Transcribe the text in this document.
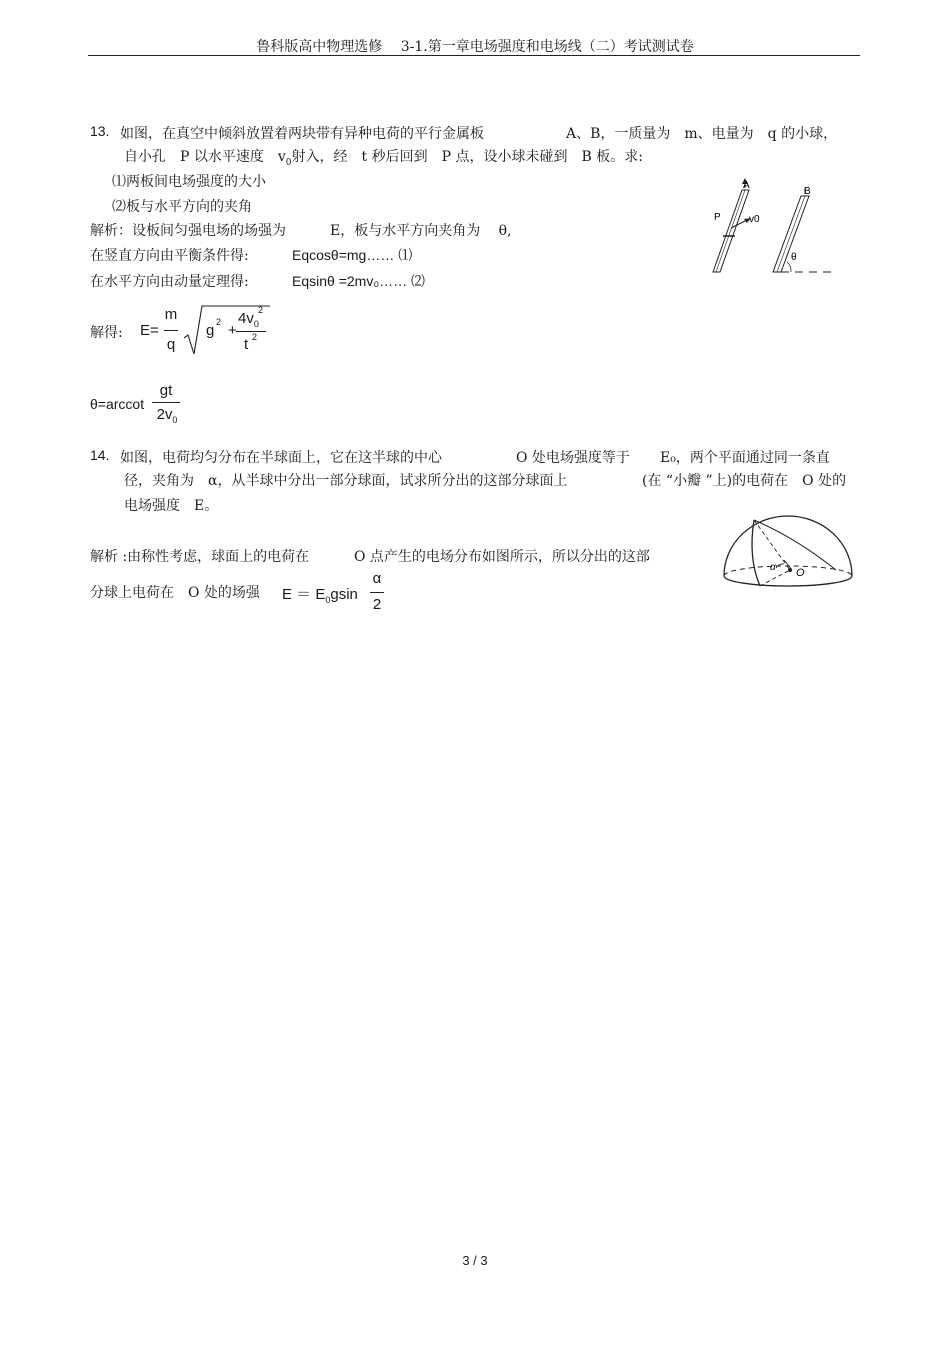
鲁科版高中物理选修　 3-1.第一章电场强度和电场线（二）考试测试卷
13. 如图，在真空中倾斜放置着两块带有异种电荷的平行金属板	A、B，一质量为　m、电量为　q 的小球，
自小孔　P 以水平速度　$v_0$射入，经　t 秒后回到　P 点，设小球未碰到　B 板。求:
⑴两板间电场强度的大小
⑵板与水平方向的夹角
解析：设板间匀强电场的场强为	E，板与水平方向夹角为　 θ,
在竖直方向由平衡条件得:	Eqcosθ=mg…… ⑴
在水平方向由动量定理得:	Eqsinθ =2mv₀…… ⑵
解得: E=
m
q
g 2 +
$4v_0$
2
t 2
θ=arccot
gt
$2v_0$
A
B
P	v0
θ
14. 如图，电荷均匀分布在半球面上，它在这半球的中心	O 处电场强度等于 E₀，两个平面通过同一条直
径，夹角为　α，从半球中分出一部分球面，试求所分出的这部分球面上	(在 “小瓣 ”上)的电荷在　O 处的
电场强度　E。
解析 :由称性考虑，球面上的电荷在	O 点产生的电场分布如图所示，所以分出的这部
分球上电荷在　O 处的场强 $E = E_0gsin$
α
2
α O
3 / 3
